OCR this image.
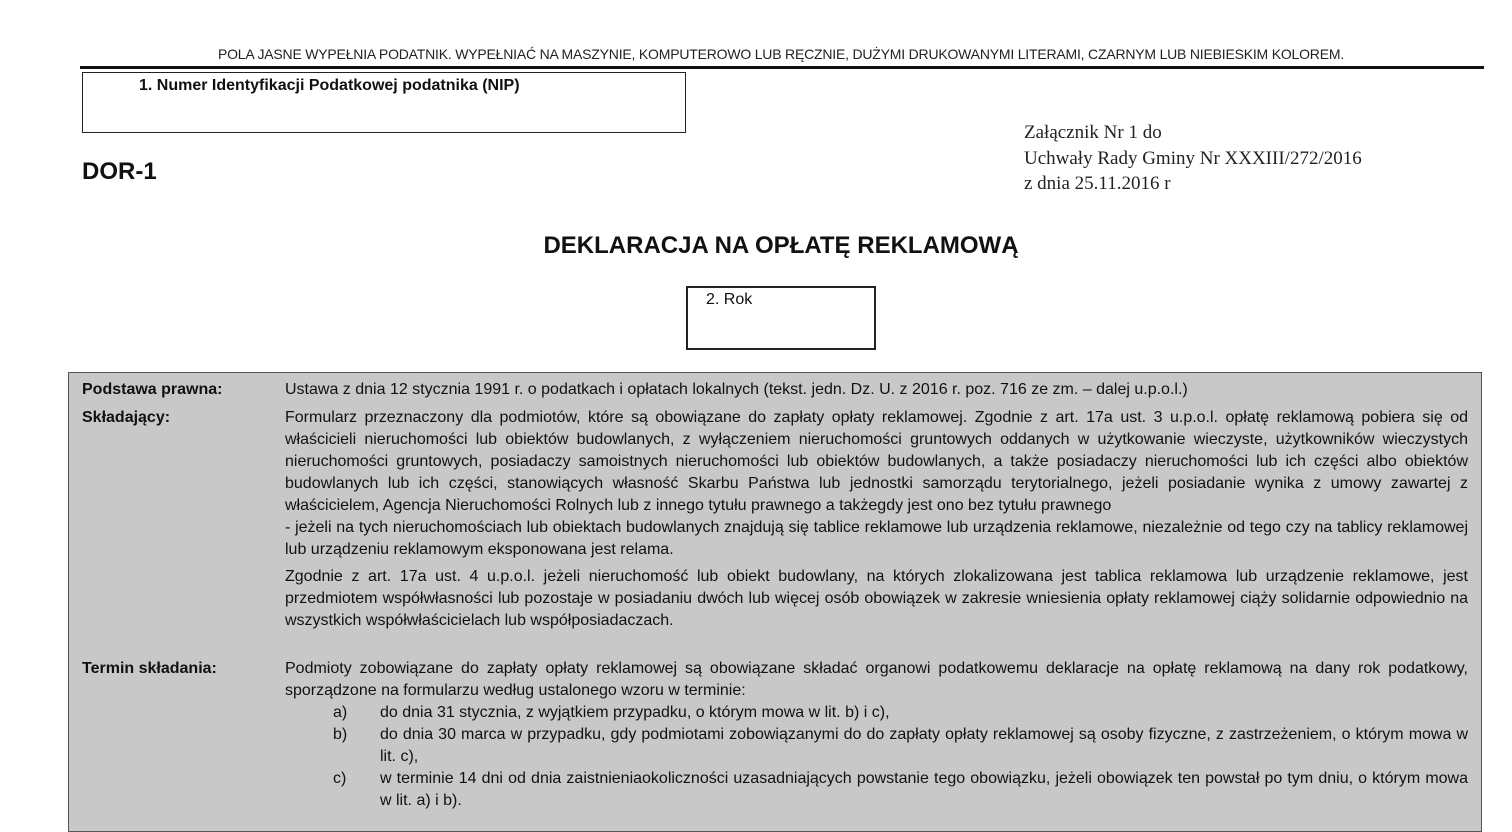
POLA JASNE WYPEŁNIA PODATNIK. WYPEŁNIAĆ NA MASZYNIE, KOMPUTEROWO LUB RĘCZNIE, DUŻYMI DRUKOWANYMI LITERAMI, CZARNYM LUB NIEBIESKIM KOLOREM.
1. Numer Identyfikacji Podatkowej podatnika (NIP)
DOR-1
Załącznik Nr 1 do
Uchwały Rady Gminy Nr XXXIII/272/2016
z dnia 25.11.2016 r
DEKLARACJA NA OPŁATĘ REKLAMOWĄ
2. Rok
Podstawa prawna:	Ustawa z dnia 12 stycznia 1991 r. o podatkach i opłatach lokalnych (tekst. jedn. Dz. U. z 2016 r. poz. 716 ze zm. – dalej u.p.o.l.)
Składający:	Formularz przeznaczony dla podmiotów, które są obowiązane do zapłaty opłaty reklamowej. Zgodnie z art. 17a ust. 3 u.p.o.l. opłatę reklamową pobiera się od właścicieli nieruchomości lub obiektów budowlanych, z wyłączeniem nieruchomości gruntowych oddanych w użytkowanie wieczyste, użytkowników wieczystych nieruchomości gruntowych, posiadaczy samoistnych nieruchomości lub obiektów budowlanych, a także posiadaczy nieruchomości lub ich części albo obiektów budowlanych lub ich części, stanowiących własność Skarbu Państwa lub jednostki samorządu terytorialnego, jeżeli posiadanie wynika z umowy zawartej z właścicielem, Agencja Nieruchomości Rolnych lub z innego tytułu prawnego a takżegdy jest ono bez tytułu prawnego

- jeżeli na tych nieruchomościach lub obiektach budowlanych znajdują się tablice reklamowe lub urządzenia reklamowe, niezależnie od tego czy na tablicy reklamowej lub urządzeniu reklamowym eksponowana jest relama.

Zgodnie z art. 17a ust. 4 u.p.o.l. jeżeli nieruchomość lub obiekt budowlany, na których zlokalizowana jest tablica reklamowa lub urządzenie reklamowe, jest przedmiotem współwłasności lub pozostaje w posiadaniu dwóch lub więcej osób obowiązek w zakresie wniesienia opłaty reklamowej ciąży solidarnie odpowiednio na wszystkich współwłaścicielach lub współposiadaczach.

Termin składania:	Podmioty zobowiązane do zapłaty opłaty reklamowej są obowiązane składać organowi podatkowemu deklaracje na opłatę reklamową na dany rok podatkowy, sporządzone na formularzu według ustalonego wzoru w terminie:

a) do dnia 31 stycznia, z wyjątkiem przypadku, o którym mowa w lit. b) i c),
b) do dnia 30 marca w przypadku, gdy podmiotami zobowiązanymi do do zapłaty opłaty reklamowej są osoby fizyczne, z zastrzeżeniem, o którym mowa w lit. c),
c) w terminie 14 dni od dnia zaistnieniaokoliczności uzasadniających powstanie tego obowiązku, jeżeli obowiązek ten powstał po tym dniu, o którym mowa w lit. a) i b).
